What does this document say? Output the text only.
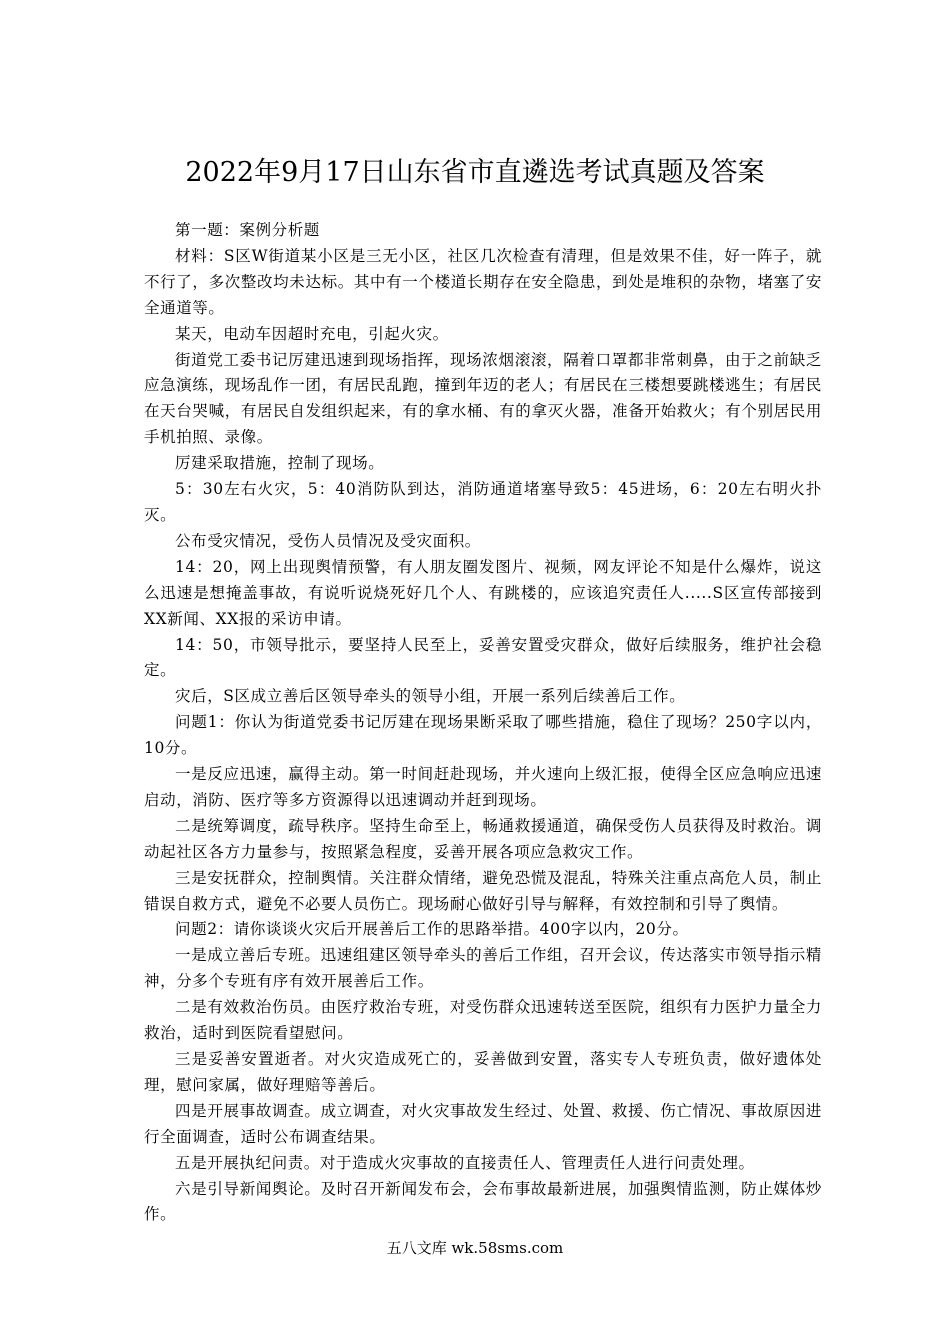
2022年9月17日山东省市直遴选考试真题及答案

第一题：案例分析题

材料：S区W街道某小区是三无小区，社区几次检查有清理，但是效果不佳，好一阵子，就不行了，多次整改均未达标。其中有一个楼道长期存在安全隐患，到处是堆积的杂物，堵塞了安全通道等。

某天，电动车因超时充电，引起火灾。

街道党工委书记厉建迅速到现场指挥，现场浓烟滚滚，隔着口罩都非常刺鼻，由于之前缺乏应急演练，现场乱作一团，有居民乱跑，撞到年迈的老人；有居民在三楼想要跳楼逃生；有居民在天台哭喊，有居民自发组织起来，有的拿水桶、有的拿灭火器，准备开始救火；有个别居民用手机拍照、录像。

厉建采取措施，控制了现场。

5：30左右火灾，5：40消防队到达，消防通道堵塞导致5：45进场，6：20左右明火扑灭。

公布受灾情况，受伤人员情况及受灾面积。

14：20，网上出现舆情预警，有人朋友圈发图片、视频，网友评论不知是什么爆炸，说这么迅速是想掩盖事故，有说听说烧死好几个人、有跳楼的，应该追究责任人.....S区宣传部接到XX新闻、XX报的采访申请。

14：50，市领导批示，要坚持人民至上，妥善安置受灾群众，做好后续服务，维护社会稳定。

灾后，S区成立善后区领导牵头的领导小组，开展一系列后续善后工作。

问题1：你认为街道党委书记厉建在现场果断采取了哪些措施，稳住了现场？250字以内，10分。

一是反应迅速，赢得主动。第一时间赶赴现场，并火速向上级汇报，使得全区应急响应迅速启动，消防、医疗等多方资源得以迅速调动并赶到现场。

二是统筹调度，疏导秩序。坚持生命至上，畅通救援通道，确保受伤人员获得及时救治。调动起社区各方力量参与，按照紧急程度，妥善开展各项应急救灾工作。

三是安抚群众，控制舆情。关注群众情绪，避免恐慌及混乱，特殊关注重点高危人员，制止错误自救方式，避免不必要人员伤亡。现场耐心做好引导与解释，有效控制和引导了舆情。

问题2：请你谈谈火灾后开展善后工作的思路举措。400字以内，20分。

一是成立善后专班。迅速组建区领导牵头的善后工作组，召开会议，传达落实市领导指示精神，分多个专班有序有效开展善后工作。

二是有效救治伤员。由医疗救治专班，对受伤群众迅速转送至医院，组织有力医护力量全力救治，适时到医院看望慰问。

三是妥善安置逝者。对火灾造成死亡的，妥善做到安置，落实专人专班负责，做好遗体处理，慰问家属，做好理赔等善后。

四是开展事故调查。成立调查，对火灾事故发生经过、处置、救援、伤亡情况、事故原因进行全面调查，适时公布调查结果。

五是开展执纪问责。对于造成火灾事故的直接责任人、管理责任人进行问责处理。

六是引导新闻舆论。及时召开新闻发布会，会布事故最新进展，加强舆情监测，防止媒体炒作。

五八文库 wk.58sms.com
